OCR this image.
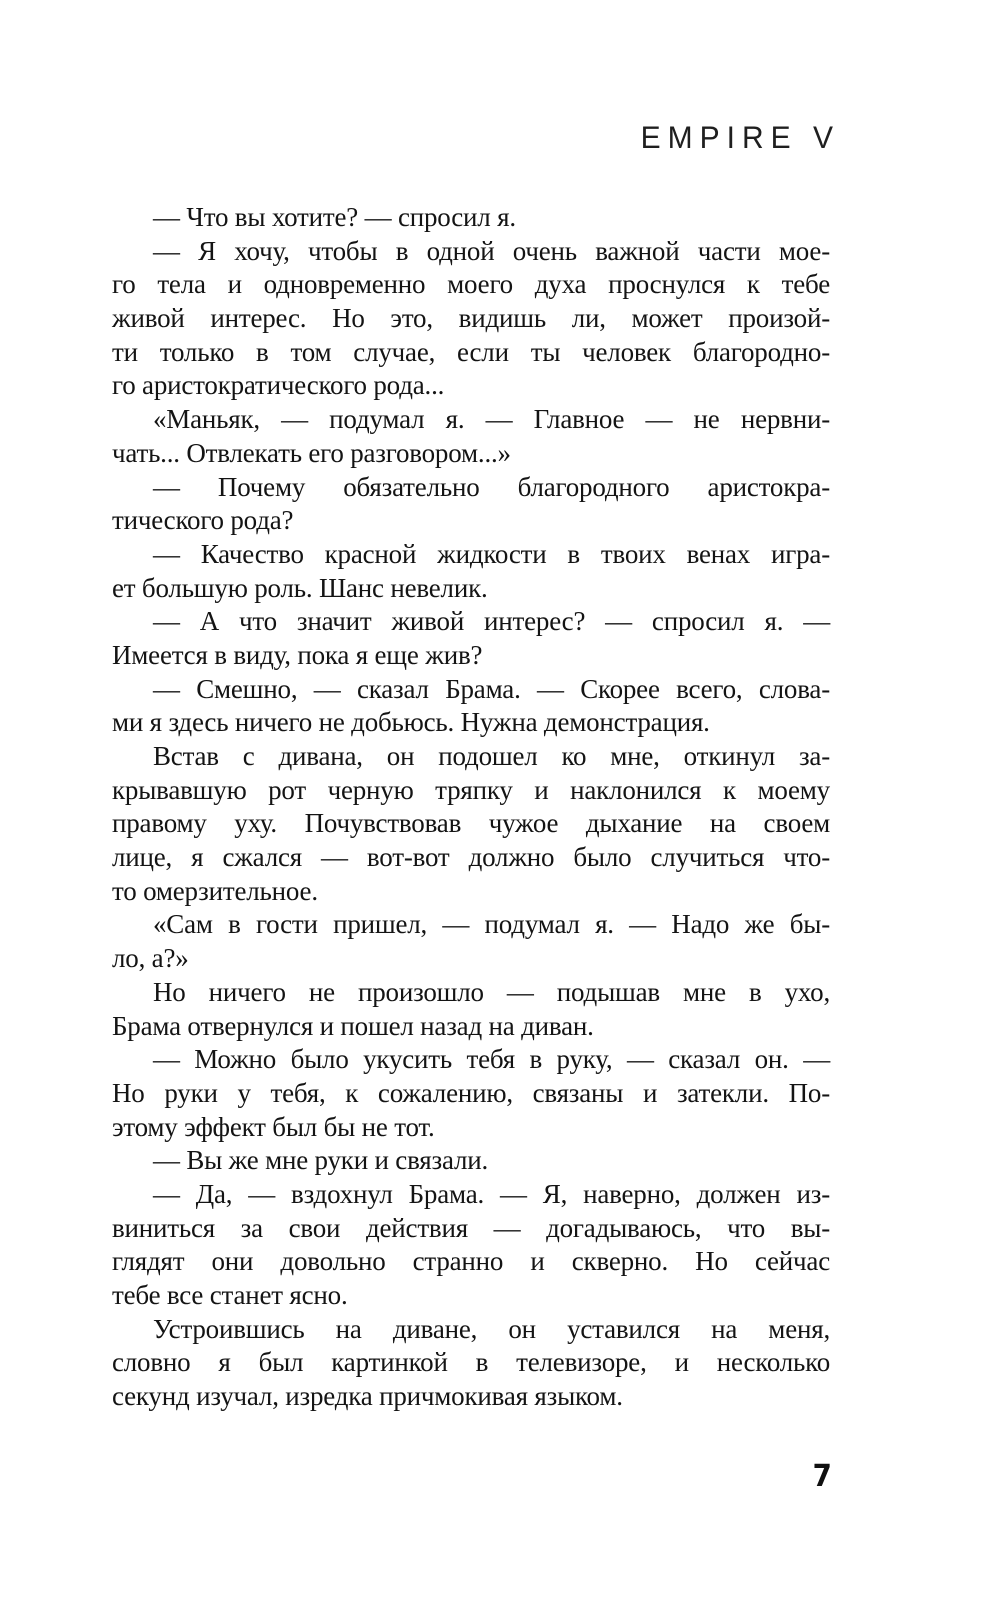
EMPIRE V
— Что вы хотите? — спросил я.
— Я хочу, чтобы в одной очень важной части мое-
го тела и одновременно моего духа проснулся к тебе
живой интерес. Но это, видишь ли, может произой-
ти только в том случае, если ты человек благородно-
го аристократического рода...
«Маньяк, — подумал я. — Главное — не нервни-
чать... Отвлекать его разговором...»
— Почему обязательно благородного аристокра-
тического рода?
— Качество красной жидкости в твоих венах игра-
ет большую роль. Шанс невелик.
— А что значит живой интерес? — спросил я. —
Имеется в виду, пока я еще жив?
— Смешно, — сказал Брама. — Скорее всего, слова-
ми я здесь ничего не добьюсь. Нужна демонстрация.
Встав с дивана, он подошел ко мне, откинул за-
крывавшую рот черную тряпку и наклонился к моему
правому уху. Почувствовав чужое дыхание на своем
лице, я сжался — вот-вот должно было случиться что-
то омерзительное.
«Сам в гости пришел, — подумал я. — Надо же бы-
ло, а?»
Но ничего не произошло — подышав мне в ухо,
Брама отвернулся и пошел назад на диван.
— Можно было укусить тебя в руку, — сказал он. —
Но руки у тебя, к сожалению, связаны и затекли. По-
этому эффект был бы не тот.
— Вы же мне руки и связали.
— Да, — вздохнул Брама. — Я, наверно, должен из-
виниться за свои действия — догадываюсь, что вы-
глядят они довольно странно и скверно. Но сейчас
тебе все станет ясно.
Устроившись на диване, он уставился на меня,
словно я был картинкой в телевизоре, и несколько
секунд изучал, изредка причмокивая языком.
7
